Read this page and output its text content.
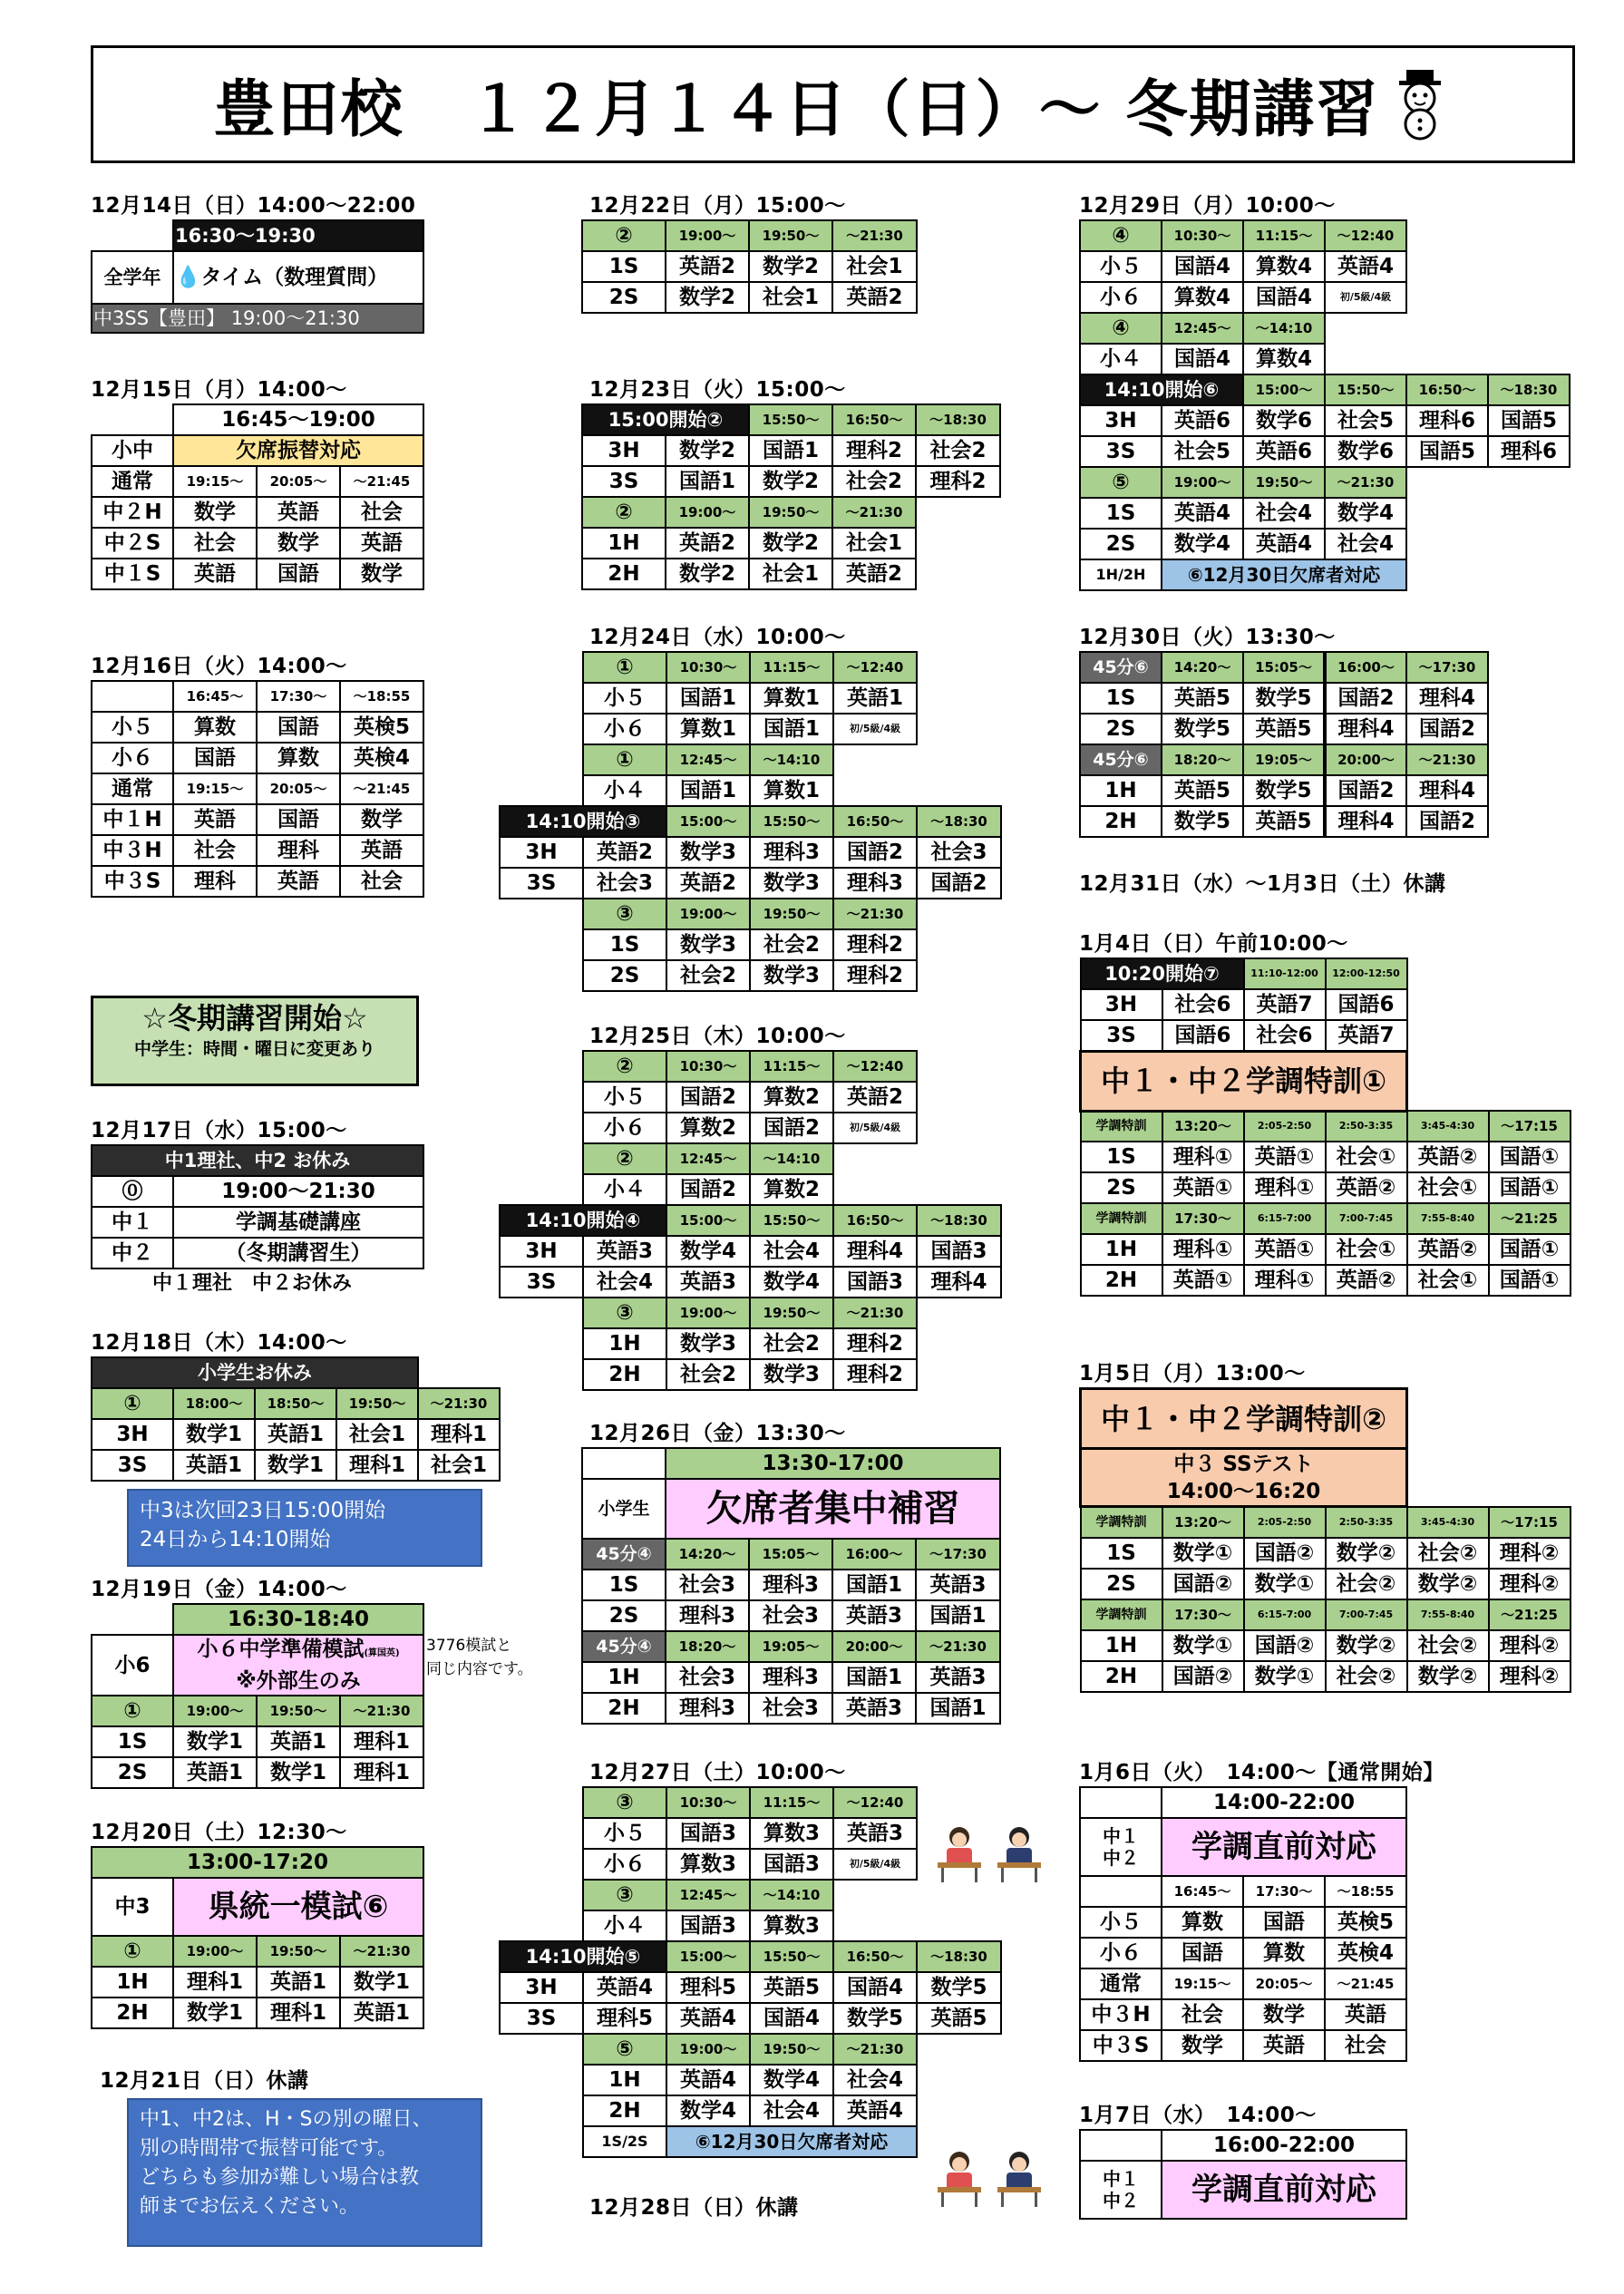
豊田校　１２月１４日（日）～ 冬期講習
12月14日（日）14:00～22:00
	16:30～19:30
全学年	💧タイム（数理質問）
中3SS【豊田】 19:00～21:30	
12月15日（月）14:00～
	16:45～19:00		
小中	欠席振替対応		
通常	19:15～	20:05～	～21:45
中２H	数学	英語	社会
中２S	社会	数学	英語
中１S	英語	国語	数学
12月16日（火）14:00～
	16:45～	17:30～	～18:55
小５	算数	国語	英検5
小６	国語	算数	英検4
通常	19:15～	20:05～	～21:45
中１H	英語	国語	数学
中３H	社会	理科	英語
中３S	理科	英語	社会
☆冬期講習開始☆
中学生：時間・曜日に変更あり
12月17日（水）15:00～
中1理社、中2 お休み	
⓪	19:00～21:30
中１	学調基礎講座
中２	（冬期講習生）
中１理社　中２お休み
12月18日（木）14:00～
小学生お休み				
①	18:00～	18:50～	19:50～	～21:30
3H	数学1	英語1	社会1	理科1
3S	英語1	数学1	理科1	社会1
中3は次回23日15:00開始
24日から14:10開始
12月19日（金）14:00～
	16:30-18:40		
小6	小６中学準備模試(算国英)
※外部生のみ		

①	19:00～	19:50～	～21:30
1S	数学1	英語1	理科1
2S	英語1	数学1	理科1
3776模試と
同じ内容です。
12月20日（土）12:30～
13:00-17:20			
中3	県統一模試⑥		
①	19:00～	19:50～	～21:30
1H	理科1	英語1	数学1
2H	数学1	理科1	英語1
12月21日（日）休講
中1、中2は、H・Sの別の曜日、
別の時間帯で振替可能です。
どちらも参加が難しい場合は教
師までお伝えください。
12月22日（月）15:00～
	②	19:00～	19:50～	～21:30
	1S	英語2	数学2	社会1
	2S	数学2	社会1	英語2
12月23日（火）15:00～
	15:00開始②		15:50～	16:50～	～18:30
	3H	数学2	国語1	理科2	社会2
	3S	国語1	数学2	社会2	理科2
	②	19:00～	19:50～	～21:30	
	1H	英語2	数学2	社会1	
	2H	数学2	社会1	英語2	
12月24日（水）10:00～
	①	10:30～	11:15～	～12:40	
	小５	国語1	算数1	英語1	
	小６	算数1	国語1	初/5級/4級	
	①	12:45～	～14:10		
	小４	国語1	算数1		
14:10開始③		15:00～	15:50～	16:50～	～18:30
3H	英語2	数学3	理科3	国語2	社会3
3S	社会3	英語2	数学3	理科3	国語2
	③	19:00～	19:50～	～21:30	
	1S	数学3	社会2	理科2	
	2S	社会2	数学3	理科2	
12月25日（木）10:00～
	②	10:30～	11:15～	～12:40	
	小５	国語2	算数2	英語2	
	小６	算数2	国語2	初/5級/4級	
	②	12:45～	～14:10		
	小４	国語2	算数2		
14:10開始④		15:00～	15:50～	16:50～	～18:30
3H	英語3	数学4	社会4	理科4	国語3
3S	社会4	英語3	数学4	国語3	理科4
	③	19:00～	19:50～	～21:30	
	1H	数学3	社会2	理科2	
	2H	社会2	数学3	理科2	
12月26日（金）13:30～
		13:30-17:00			
	小学生	欠席者集中補習			
	45分④	14:20～	15:05～	16:00～	～17:30
	1S	社会3	理科3	国語1	英語3
	2S	理科3	社会3	英語3	国語1
	45分④	18:20～	19:05～	20:00～	～21:30
	1H	社会3	理科3	国語1	英語3
	2H	理科3	社会3	英語3	国語1
12月27日（土）10:00～
	③	10:30～	11:15～	～12:40	
	小５	国語3	算数3	英語3	
	小６	算数3	国語3	初/5級/4級	
	③	12:45～	～14:10		
	小４	国語3	算数3		
14:10開始⑤		15:00～	15:50～	16:50～	～18:30
3H	英語4	理科5	英語5	国語4	数学5
3S	理科5	英語4	国語4	数学5	英語5
	⑤	19:00～	19:50～	～21:30	
	1H	英語4	数学4	社会4	
	2H	数学4	社会4	英語4	
	1S/2S	⑥12月30日欠席者対応			
12月28日（日）休講
12月29日（月）10:00～
④	10:30～	11:15～	～12:40		
小５	国語4	算数4	英語4		
小６	算数4	国語4	初/5級/4級		
④	12:45～	～14:10			
小４	国語4	算数4			
14:10開始⑥		15:00～	15:50～	16:50～	～18:30
3H	英語6	数学6	社会5	理科6	国語5
3S	社会5	英語6	数学6	国語5	理科6
⑤	19:00～	19:50～	～21:30		
1S	英語4	社会4	数学4		
2S	数学4	英語4	社会4		
1H/2H	⑥12月30日欠席者対応				
12月30日（火）13:30～
45分⑥	14:20～	15:05～	16:00～	～17:30
1S	英語5	数学5	国語2	理科4
2S	数学5	英語5	理科4	国語2
45分⑥	18:20～	19:05～	20:00～	～21:30
1H	英語5	数学5	国語2	理科4
2H	数学5	英語5	理科4	国語2
12月31日（水）～1月3日（土）休講
1月4日（日）午前10:00～
10:20開始⑦		11:10-12:00	12:00-12:50		
3H	社会6	英語7	国語6		
3S	国語6	社会6	英語7		
中１・中２学調特訓①					
学調特訓	13:20～	2:05-2:50	2:50-3:35	3:45-4:30	～17:15
1S	理科①	英語①	社会①	英語②	国語①
2S	英語①	理科①	英語②	社会①	国語①
学調特訓	17:30～	6:15-7:00	7:00-7:45	7:55-8:40	～21:25
1H	理科①	英語①	社会①	英語②	国語①
2H	英語①	理科①	英語②	社会①	国語①
1月5日（月）13:00～
中１・中２学調特訓②					

中３ SSテスト
14:00～16:20					

学調特訓	13:20～	2:05-2:50	2:50-3:35	3:45-4:30	～17:15
1S	数学①	国語②	数学②	社会②	理科②
2S	国語②	数学①	社会②	数学②	理科②
学調特訓	17:30～	6:15-7:00	7:00-7:45	7:55-8:40	～21:25
1H	数学①	国語②	数学②	社会②	理科②
2H	国語②	数学①	社会②	数学②	理科②
1月6日（火）　14:00～【通常開始】
	14:00-22:00		
中１
中２	学調直前対応		
	16:45～	17:30～	～18:55
小５	算数	国語	英検5
小６	国語	算数	英検4
通常	19:15～	20:05～	～21:45
中３H	社会	数学	英語
中３S	数学	英語	社会
1月7日（水）　14:00～
	16:00-22:00
中１
中２	学調直前対応
